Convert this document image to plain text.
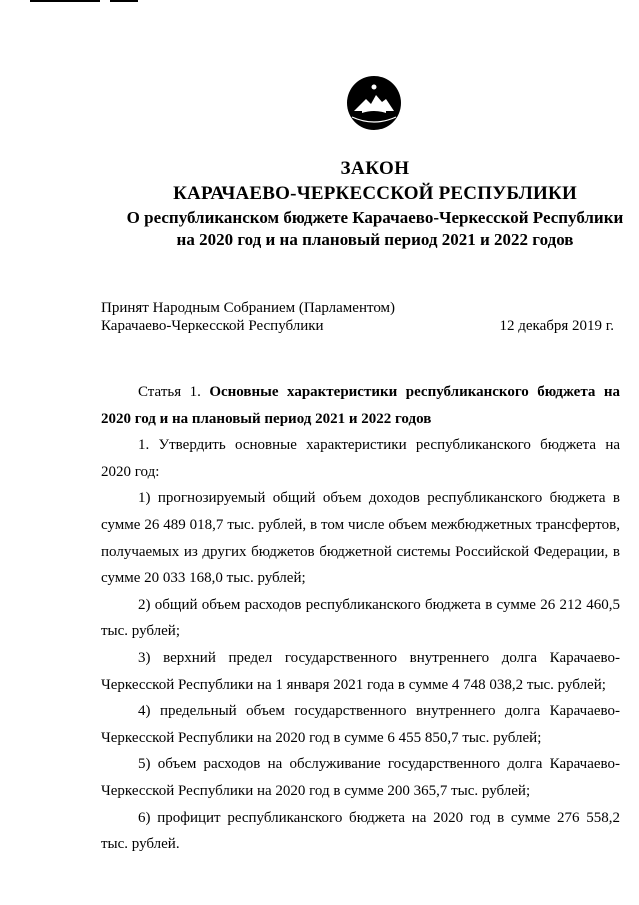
ЗАКОН
КАРАЧАЕВО-ЧЕРКЕССКОЙ РЕСПУБЛИКИ
О республиканском бюджете Карачаево-Черкесской Республики
на 2020 год и на плановый период 2021 и 2022 годов
Принят Народным Собранием (Парламентом)
Карачаево-Черкесской Республики	12 декабря 2019 г.

Статья 1. Основные характеристики республиканского бюджета на 2020 год и на плановый период 2021 и 2022 годов

1. Утвердить основные характеристики республиканского бюджета на 2020 год:

1) прогнозируемый общий объем доходов республиканского бюджета в сумме 26 489 018,7 тыс. рублей, в том числе объем межбюджетных трансфертов, получаемых из других бюджетов бюджетной системы Российской Федерации, в сумме 20 033 168,0 тыс. рублей;

2) общий объем расходов республиканского бюджета в сумме 26 212 460,5 тыс. рублей;

3) верхний предел государственного внутреннего долга Карачаево-Черкесской Республики на 1 января 2021 года в сумме 4 748 038,2 тыс. рублей;

4) предельный объем государственного внутреннего долга Карачаево-Черкесской Республики на 2020 год в сумме 6 455 850,7 тыс. рублей;

5) объем расходов на обслуживание государственного долга Карачаево-Черкесской Республики на 2020 год в сумме 200 365,7 тыс. рублей;

6) профицит республиканского бюджета на 2020 год в сумме 276 558,2 тыс. рублей.
